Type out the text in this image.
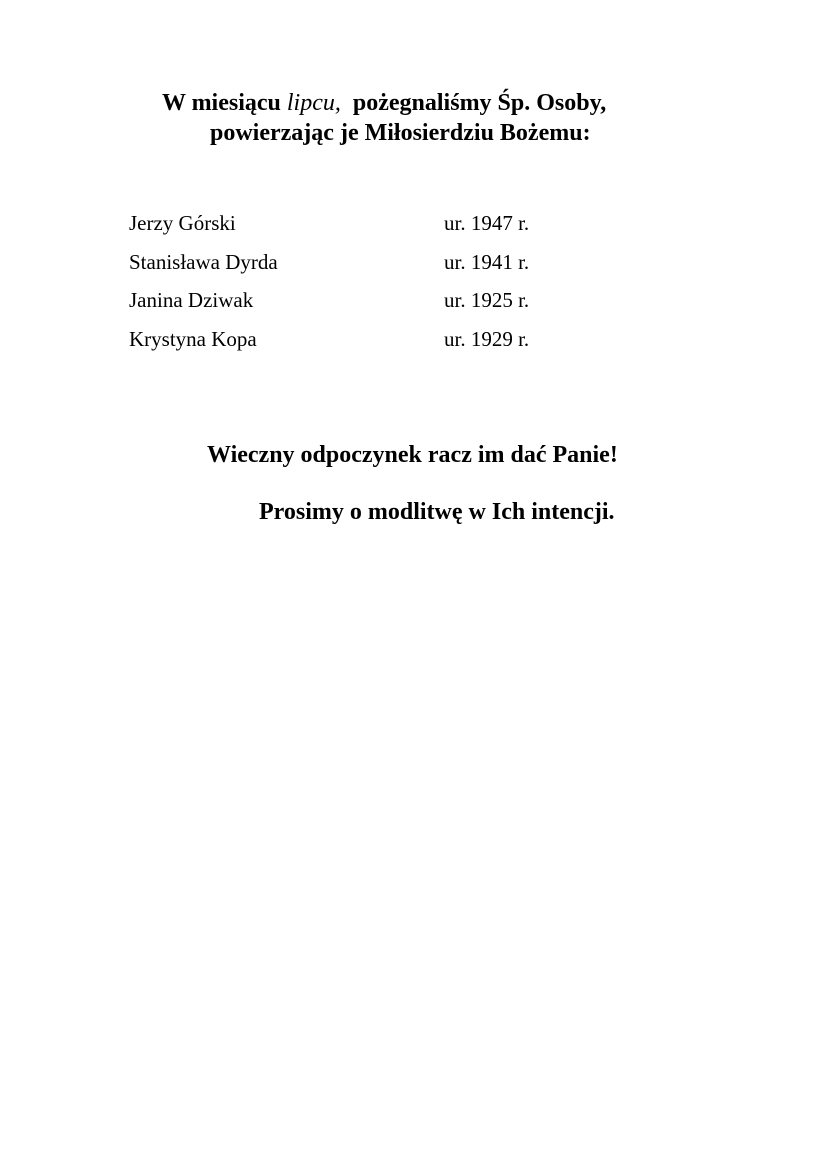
W miesiącu lipcu,  pożegnaliśmy Śp. Osoby,
powierzając je Miłosierdziu Bożemu:
Jerzy Górski	ur. 1947 r.
Stanisława Dyrda	ur. 1941 r.
Janina Dziwak	ur. 1925 r.
Krystyna Kopa	ur. 1929 r.
Wieczny odpoczynek racz im dać Panie!
Prosimy o modlitwę w Ich intencji.
